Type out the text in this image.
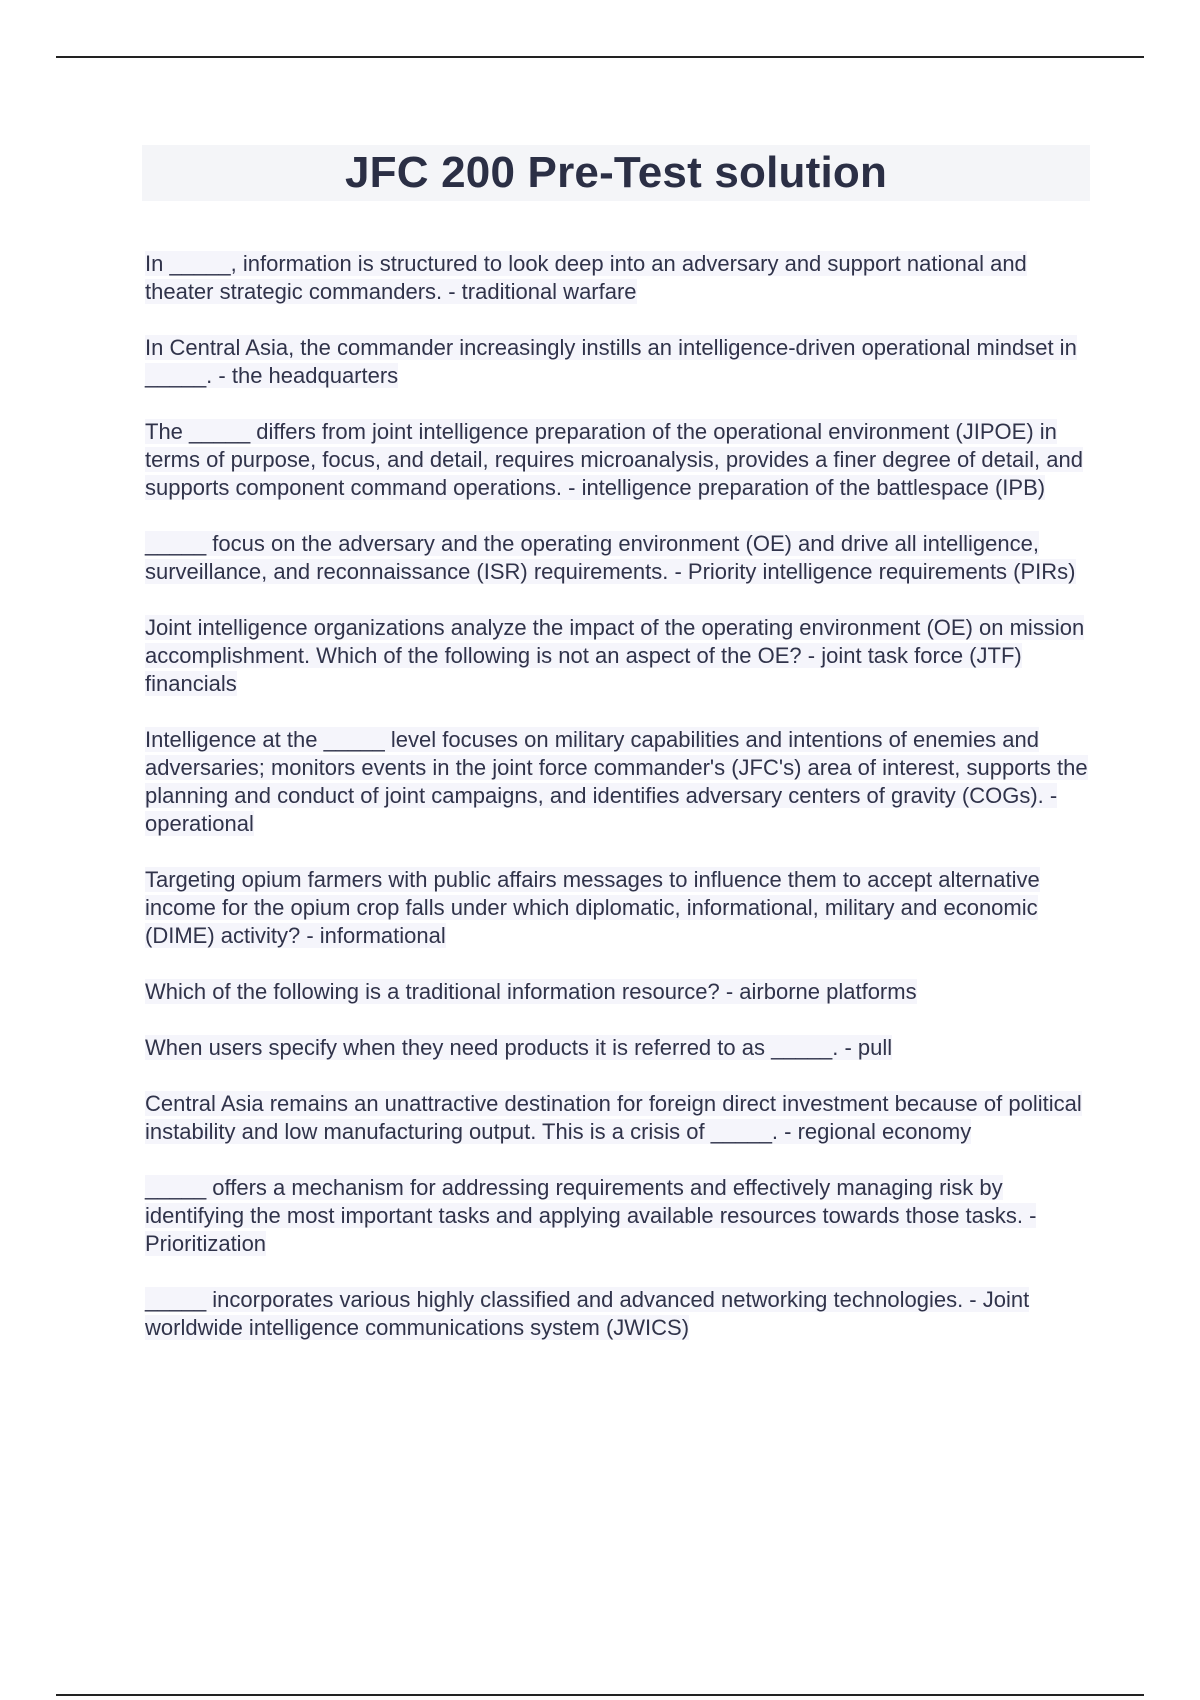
JFC 200 Pre-Test solution
In _____, information is structured to look deep into an adversary and support national and theater strategic commanders. - traditional warfare
In Central Asia, the commander increasingly instills an intelligence-driven operational mindset in _____. - the headquarters
The _____ differs from joint intelligence preparation of the operational environment (JIPOE) in terms of purpose, focus, and detail, requires microanalysis, provides a finer degree of detail, and supports component command operations. - intelligence preparation of the battlespace (IPB)
_____ focus on the adversary and the operating environment (OE) and drive all intelligence, surveillance, and reconnaissance (ISR) requirements. - Priority intelligence requirements (PIRs)
Joint intelligence organizations analyze the impact of the operating environment (OE) on mission accomplishment. Which of the following is not an aspect of the OE? - joint task force (JTF) financials
Intelligence at the _____ level focuses on military capabilities and intentions of enemies and adversaries; monitors events in the joint force commander's (JFC's) area of interest, supports the planning and conduct of joint campaigns, and identifies adversary centers of gravity (COGs). - operational
Targeting opium farmers with public affairs messages to influence them to accept alternative income for the opium crop falls under which diplomatic, informational, military and economic (DIME) activity? - informational
Which of the following is a traditional information resource? - airborne platforms
When users specify when they need products it is referred to as _____. - pull
Central Asia remains an unattractive destination for foreign direct investment because of political instability and low manufacturing output. This is a crisis of _____. - regional economy
_____ offers a mechanism for addressing requirements and effectively managing risk by identifying the most important tasks and applying available resources towards those tasks. - Prioritization
_____ incorporates various highly classified and advanced networking technologies. - Joint worldwide intelligence communications system (JWICS)
